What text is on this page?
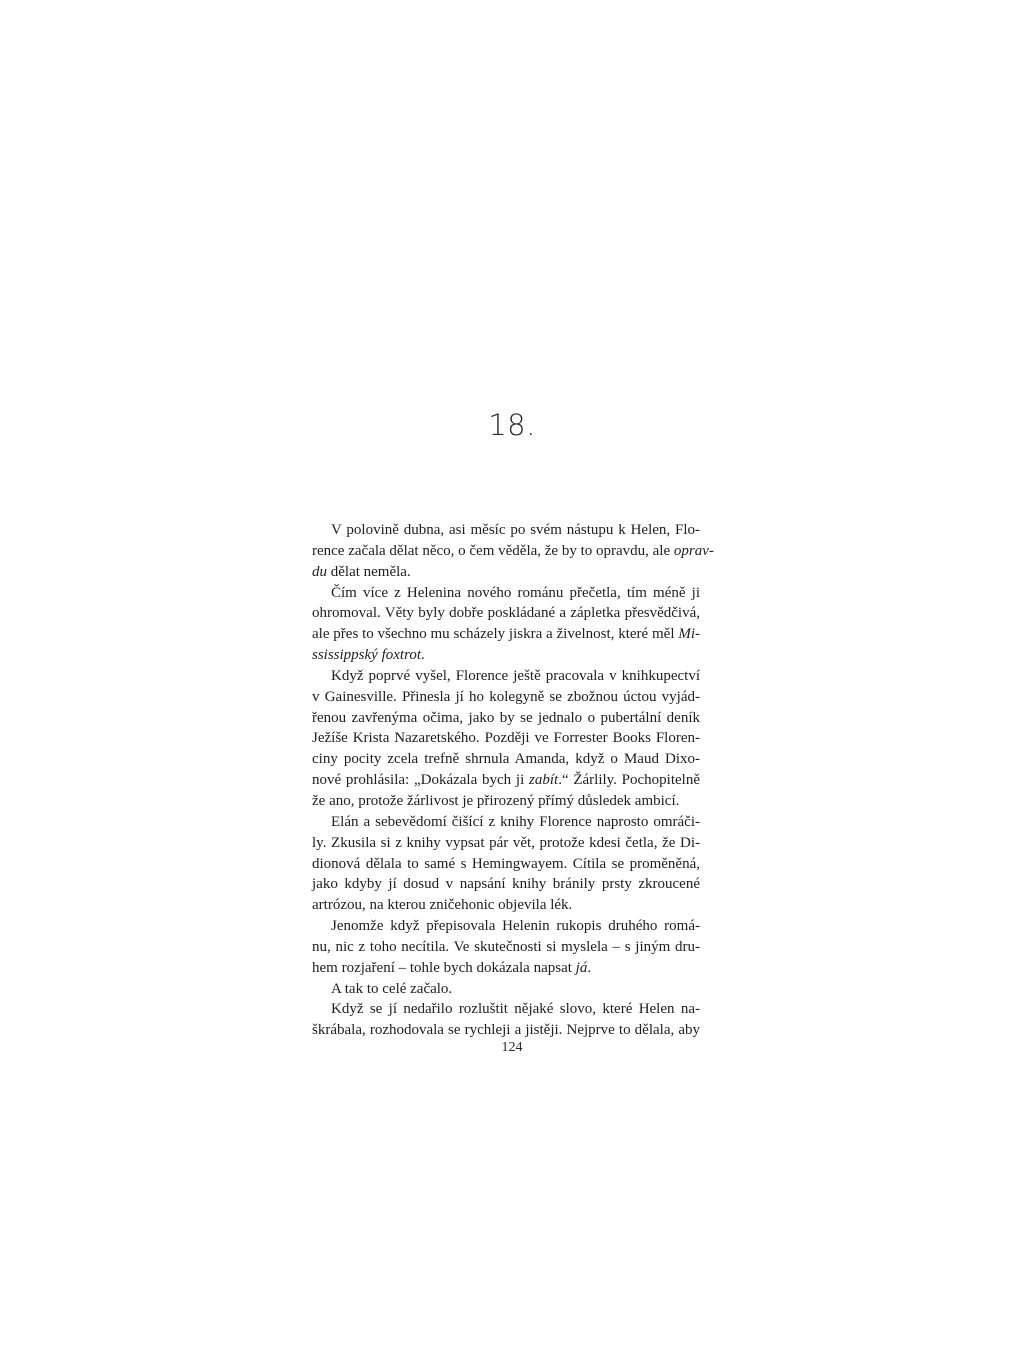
18.
V polovině dubna, asi měsíc po svém nástupu k Helen, Flo-
rence začala dělat něco, o čem věděla, že by to opravdu, ale oprav-
du dělat neměla.
Čím více z Helenina nového románu přečetla, tím méně ji
ohromoval. Věty byly dobře poskládané a zápletka přesvědčivá,
ale přes to všechno mu scházely jiskra a živelnost, které měl Mi-
ssissippský foxtrot.
Když poprvé vyšel, Florence ještě pracovala v knihkupectví
v Gainesville. Přinesla jí ho kolegyně se zbožnou úctou vyjád-
řenou zavřenýma očima, jako by se jednalo o pubertální deník
Ježíše Krista Nazaretského. Později ve Forrester Books Floren-
ciny pocity zcela trefně shrnula Amanda, když o Maud Dixo-
nové prohlásila: „Dokázala bych ji zabít.“ Žárlily. Pochopitelně
že ano, protože žárlivost je přirozený přímý důsledek ambicí.
Elán a sebevědomí čišící z knihy Florence naprosto omráči-
ly. Zkusila si z knihy vypsat pár vět, protože kdesi četla, že Di-
dionová dělala to samé s Hemingwayem. Cítila se proměněná,
jako kdyby jí dosud v napsání knihy bránily prsty zkroucené
artrózou, na kterou zničehonic objevila lék.
Jenomže když přepisovala Helenin rukopis druhého romá-
nu, nic z toho necítila. Ve skutečnosti si myslela – s jiným dru-
hem rozjaření – tohle bych dokázala napsat já.
A tak to celé začalo.
Když se jí nedařilo rozluštit nějaké slovo, které Helen na-
škrábala, rozhodovala se rychleji a jistěji. Nejprve to dělala, aby
124
